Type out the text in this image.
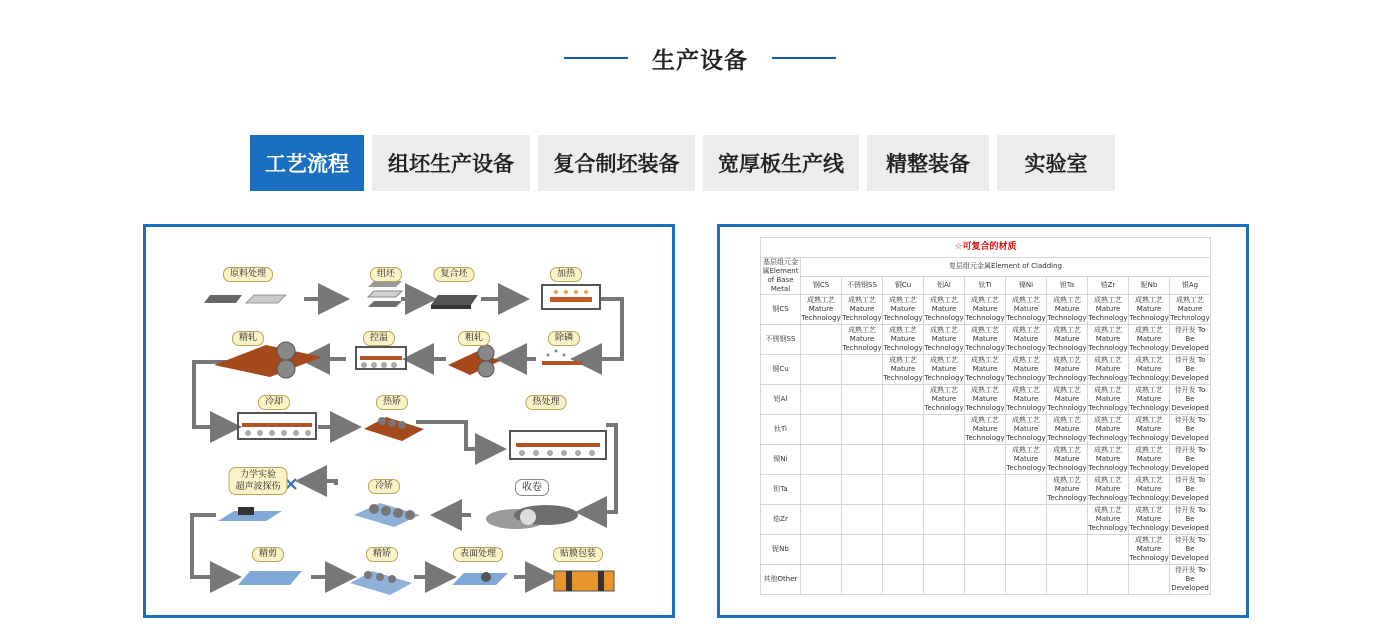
生产设备
工艺流程	组坯生产设备	复合制坯装备	宽厚板生产线	精整装备	实验室
原料处理	组坯	复合坯	加热
精轧	控温	粗轧	除磷
冷却	热矫	热处理
力学实验
超声波探伤	冷矫	收卷
精剪	精矫	表面处理	贴膜包装
☆可复合的材质										
基层组元金属Element of Base Metal	复层组元金属Element of Cladding									
	钢CS	不锈钢SS	铜Cu	铝Al	钛Ti	镍Ni	钽Ta	锆Zr	铌Nb	银Ag
钢CS	成熟工艺 Mature Technology	成熟工艺 Mature Technology	成熟工艺 Mature Technology	成熟工艺 Mature Technology	成熟工艺 Mature Technology	成熟工艺 Mature Technology	成熟工艺 Mature Technology	成熟工艺 Mature Technology	成熟工艺 Mature Technology	成熟工艺 Mature Technology
不锈钢SS		成熟工艺 Mature Technology	成熟工艺 Mature Technology	成熟工艺 Mature Technology	成熟工艺 Mature Technology	成熟工艺 Mature Technology	成熟工艺 Mature Technology	成熟工艺 Mature Technology	成熟工艺 Mature Technology	待开发 To Be Developed
铜Cu			成熟工艺 Mature Technology	成熟工艺 Mature Technology	成熟工艺 Mature Technology	成熟工艺 Mature Technology	成熟工艺 Mature Technology	成熟工艺 Mature Technology	成熟工艺 Mature Technology	待开发 To Be Developed
铝Al				成熟工艺 Mature Technology	成熟工艺 Mature Technology	成熟工艺 Mature Technology	成熟工艺 Mature Technology	成熟工艺 Mature Technology	成熟工艺 Mature Technology	待开发 To Be Developed
钛Ti					成熟工艺 Mature Technology	成熟工艺 Mature Technology	成熟工艺 Mature Technology	成熟工艺 Mature Technology	成熟工艺 Mature Technology	待开发 To Be Developed
镍Ni						成熟工艺 Mature Technology	成熟工艺 Mature Technology	成熟工艺 Mature Technology	成熟工艺 Mature Technology	待开发 To Be Developed
钽Ta							成熟工艺 Mature Technology	成熟工艺 Mature Technology	成熟工艺 Mature Technology	待开发 To Be Developed
锆Zr								成熟工艺 Mature Technology	成熟工艺 Mature Technology	待开发 To Be Developed
铌Nb									成熟工艺 Mature Technology	待开发 To Be Developed
其他Other										待开发 To Be Developed
